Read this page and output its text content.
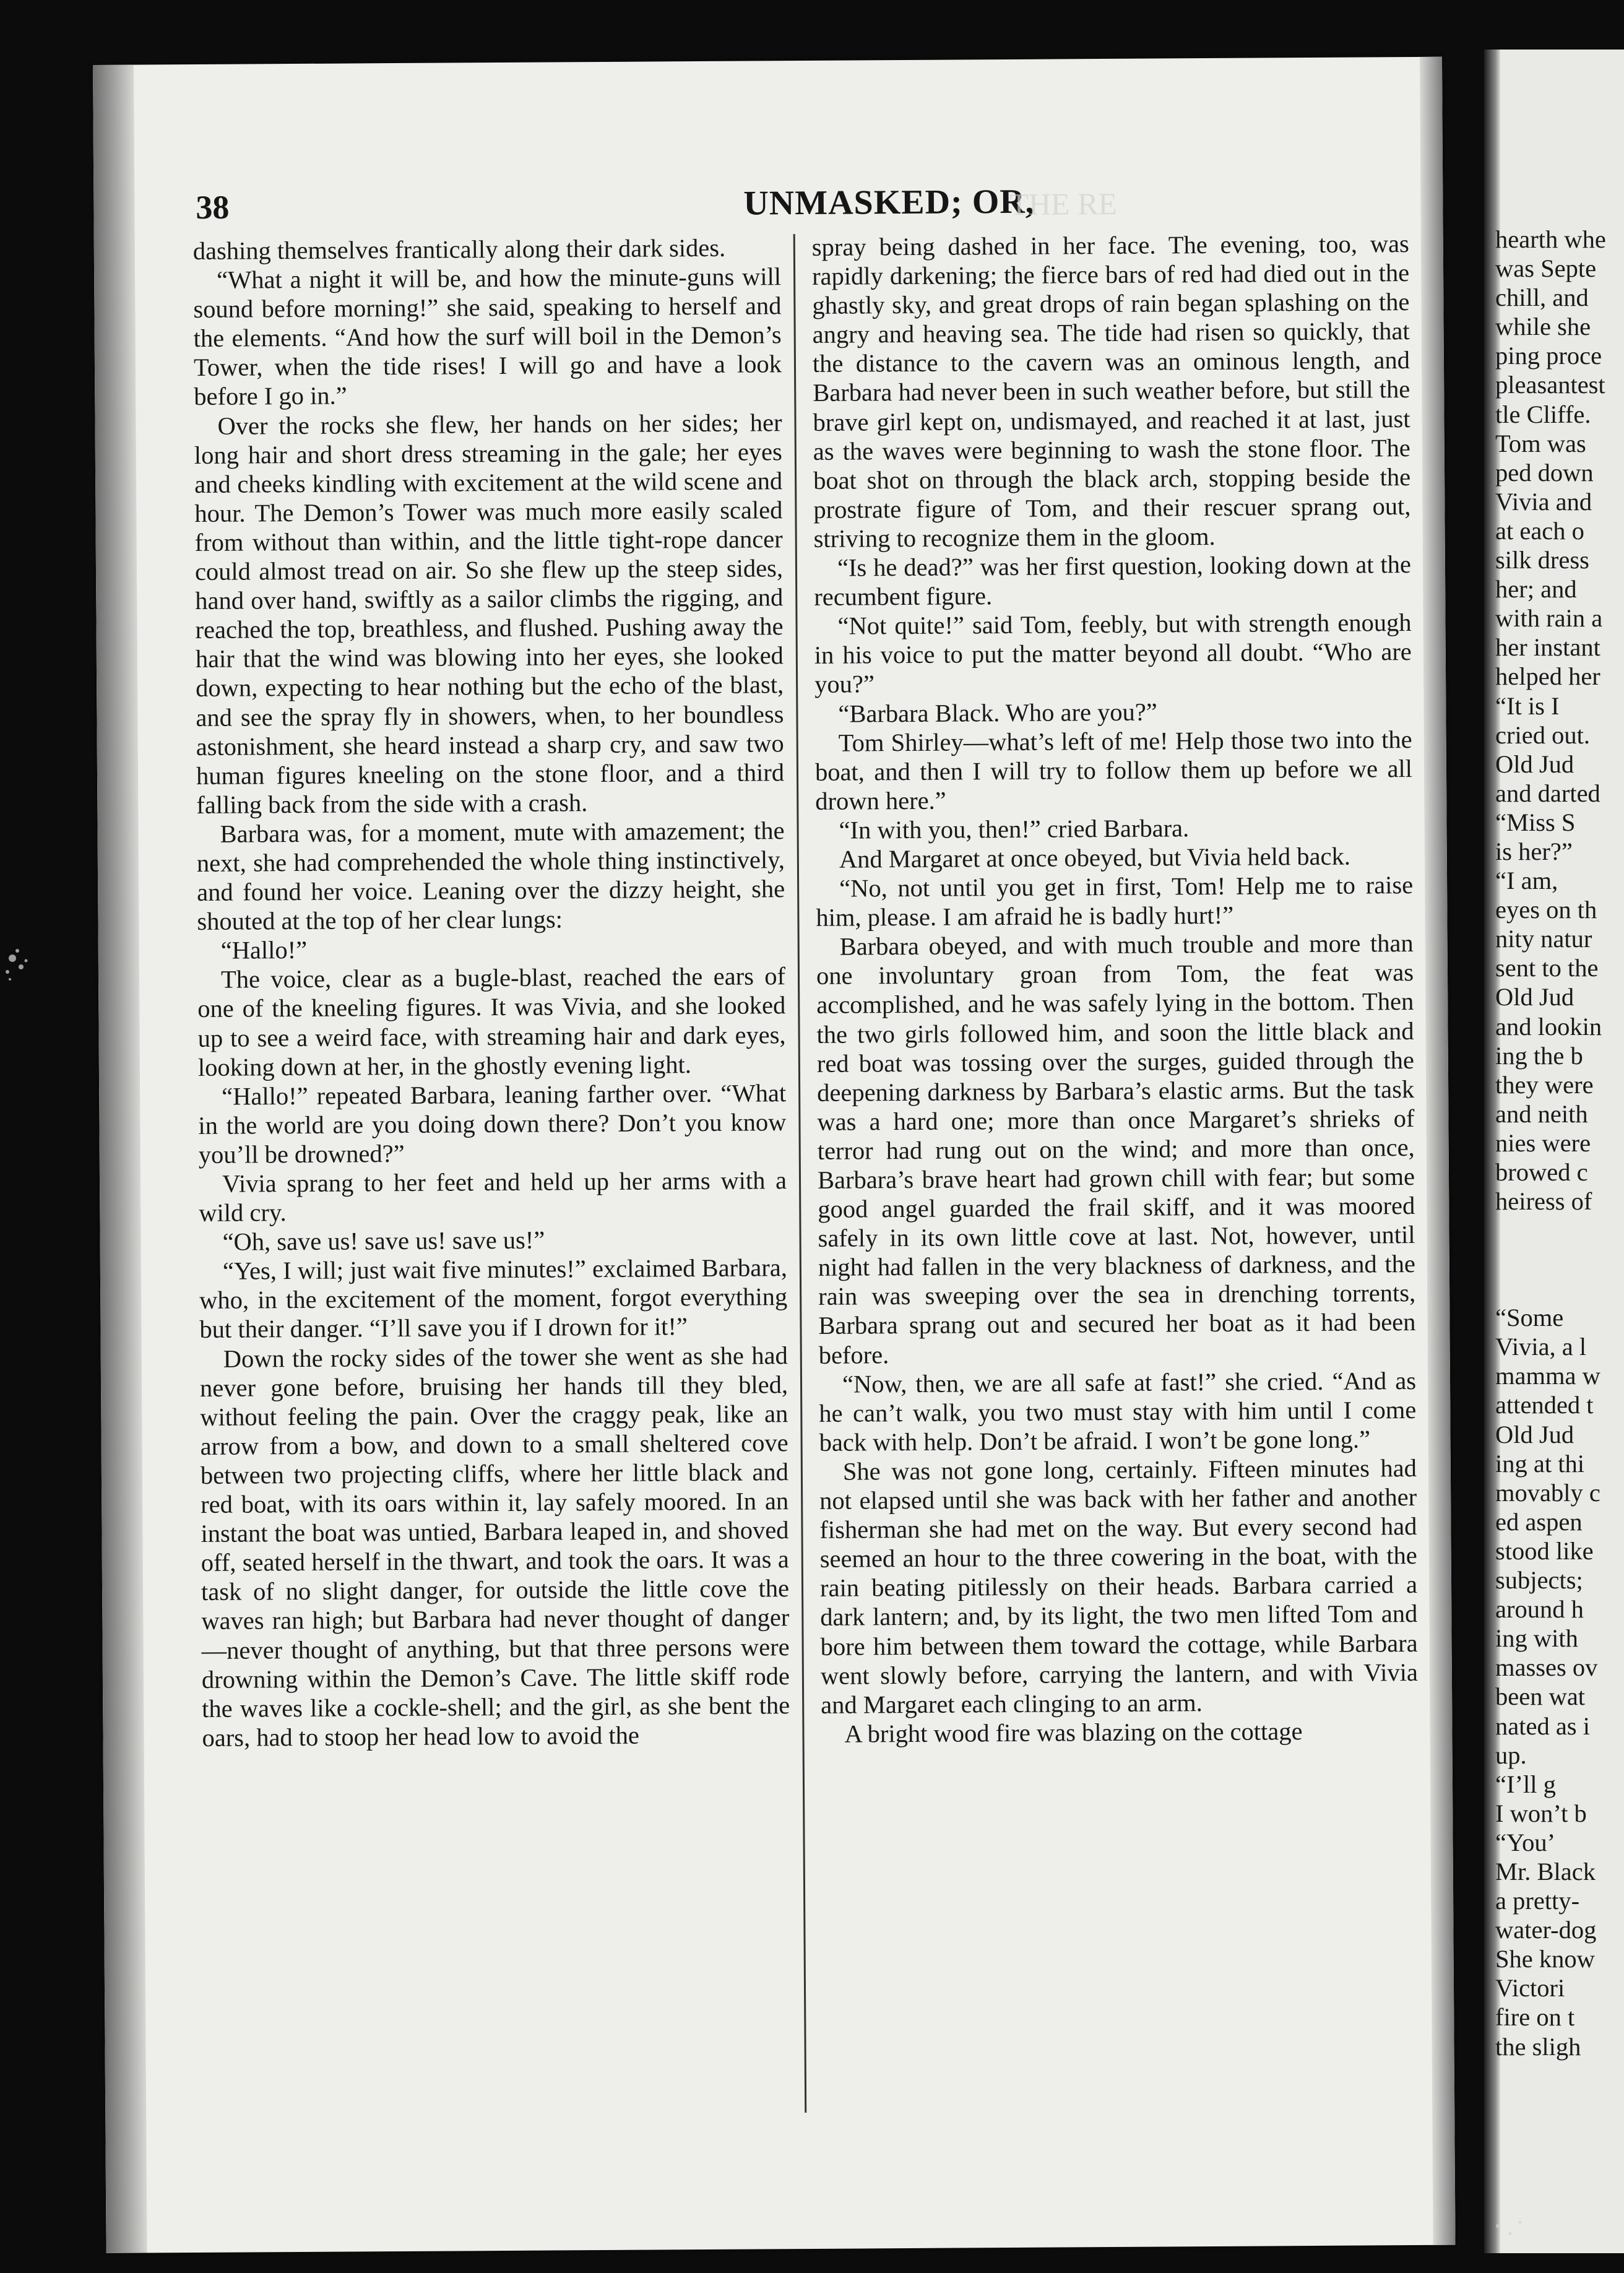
38	UNMASKED; OR,
THE RE

dashing themselves frantically along their dark sides.

“What a night it will be, and how the minute-guns will sound before morning!” she said, speaking to herself and the elements. “And how the surf will boil in the Demon’s Tower, when the tide rises! I will go and have a look before I go in.”

Over the rocks she flew, her hands on her sides; her long hair and short dress streaming in the gale; her eyes and cheeks kindling with excitement at the wild scene and hour. The Demon’s Tower was much more easily scaled from without than within, and the little tight-rope dancer could almost tread on air. So she flew up the steep sides, hand over hand, swiftly as a sailor climbs the rigging, and reached the top, breathless, and flushed. Pushing away the hair that the wind was blowing into her eyes, she looked down, expecting to hear nothing but the echo of the blast, and see the spray fly in showers, when, to her boundless astonishment, she heard instead a sharp cry, and saw two human figures kneeling on the stone floor, and a third falling back from the side with a crash.

Barbara was, for a moment, mute with amazement; the next, she had comprehended the whole thing instinctively, and found her voice. Leaning over the dizzy height, she shouted at the top of her clear lungs:

“Hallo!”

The voice, clear as a bugle-blast, reached the ears of one of the kneeling figures. It was Vivia, and she looked up to see a weird face, with streaming hair and dark eyes, looking down at her, in the ghostly evening light.

“Hallo!” repeated Barbara, leaning farther over. “What in the world are you doing down there? Don’t you know you’ll be drowned?”

Vivia sprang to her feet and held up her arms with a wild cry.

“Oh, save us! save us! save us!”

“Yes, I will; just wait five minutes!” exclaimed Barbara, who, in the excitement of the moment, forgot everything but their danger. “I’ll save you if I drown for it!”

Down the rocky sides of the tower she went as she had never gone before, bruising her hands till they bled, without feeling the pain. Over the craggy peak, like an arrow from a bow, and down to a small sheltered cove between two projecting cliffs, where her little black and red boat, with its oars within it, lay safely moored. In an instant the boat was untied, Barbara leaped in, and shoved off, seated herself in the thwart, and took the oars. It was a task of no slight danger, for outside the little cove the waves ran high; but Barbara had never thought of danger—never thought of anything, but that three persons were drowning within the Demon’s Cave. The little skiff rode the waves like a cockle-shell; and the girl, as she bent the oars, had to stoop her head low to avoid the

spray being dashed in her face. The evening, too, was rapidly darkening; the fierce bars of red had died out in the ghastly sky, and great drops of rain began splashing on the angry and heaving sea. The tide had risen so quickly, that the distance to the cavern was an ominous length, and Barbara had never been in such weather before, but still the brave girl kept on, undismayed, and reached it at last, just as the waves were beginning to wash the stone floor. The boat shot on through the black arch, stopping beside the prostrate figure of Tom, and their rescuer sprang out, striving to recognize them in the gloom.

“Is he dead?” was her first question, looking down at the recumbent figure.

“Not quite!” said Tom, feebly, but with strength enough in his voice to put the matter beyond all doubt. “Who are you?”

“Barbara Black. Who are you?”

Tom Shirley—what’s left of me! Help those two into the boat, and then I will try to follow them up before we all drown here.”

“In with you, then!” cried Barbara.

And Margaret at once obeyed, but Vivia held back.

“No, not until you get in first, Tom! Help me to raise him, please. I am afraid he is badly hurt!”

Barbara obeyed, and with much trouble and more than one involuntary groan from Tom, the feat was accomplished, and he was safely lying in the bottom. Then the two girls followed him, and soon the little black and red boat was tossing over the surges, guided through the deepening darkness by Barbara’s elastic arms. But the task was a hard one; more than once Margaret’s shrieks of terror had rung out on the wind; and more than once, Barbara’s brave heart had grown chill with fear; but some good angel guarded the frail skiff, and it was moored safely in its own little cove at last. Not, however, until night had fallen in the very blackness of darkness, and the rain was sweeping over the sea in drenching torrents, Barbara sprang out and secured her boat as it had been before.

“Now, then, we are all safe at fast!” she cried. “And as he can’t walk, you two must stay with him until I come back with help. Don’t be afraid. I won’t be gone long.”

She was not gone long, certainly. Fifteen minutes had not elapsed until she was back with her father and another fisherman she had met on the way. But every second had seemed an hour to the three cowering in the boat, with the rain beating pitilessly on their heads. Barbara carried a dark lantern; and, by its light, the two men lifted Tom and bore him between them toward the cottage, while Barbara went slowly before, carrying the lantern, and with Vivia and Margaret each clinging to an arm.

A bright wood fire was blazing on the cottage

hearth whe
was Septe
chill, and
while she
ping proce
pleasantest
tle Cliffe.
Tom was
ped down
Vivia and
at each o
silk dress
her; and
with rain a
her instant
helped her
“It is I
cried out.
Old Jud
and darted
“Miss S
is her?”
“I am,
eyes on th
nity natur
sent to the
Old Jud
and lookin
ing the b
they were
and neith
nies were
browed c
heiress of
“Some
Vivia, a l
mamma w
attended t
Old Jud
ing at thi
movably c
ed aspen
stood like
subjects;
around h
ing with
masses ov
been wat
nated as i
up.
“I’ll g
I won’t b
“You’
Mr. Black
a pretty-
water-dog
She know
Victori
fire on t
the sligh
